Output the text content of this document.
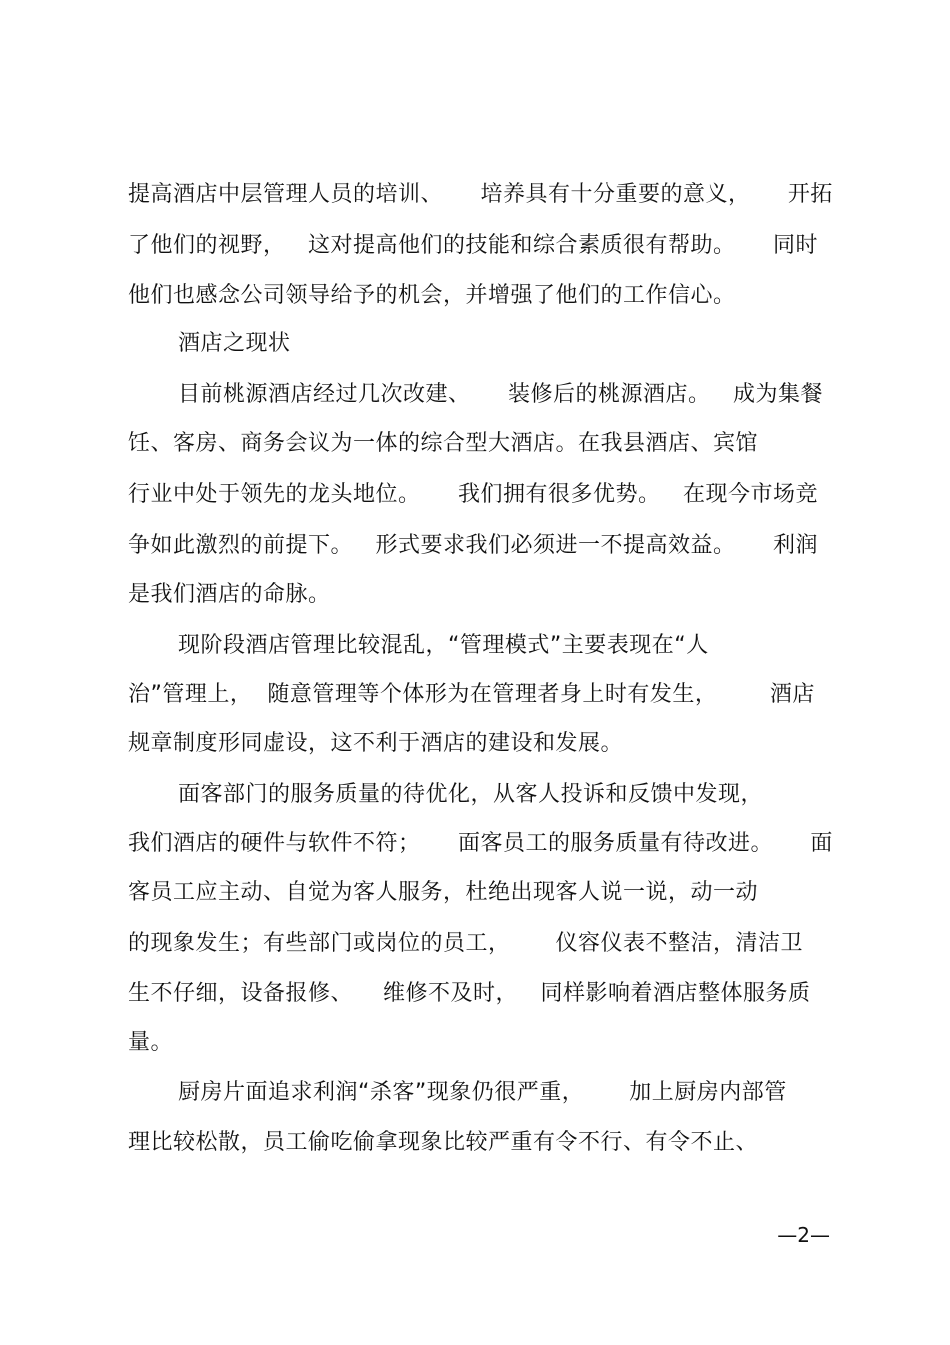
提高酒店中层管理人员的培训、     培养具有十分重要的意义，     开拓
了他们的视野，   这对提高他们的技能和综合素质很有帮助。     同时
他们也感念公司领导给予的机会，并增强了他们的工作信心。
酒店之现状
目前桃源酒店经过几次改建、     装修后的桃源酒店。   成为集餐
饪、客房、商务会议为一体的综合型大酒店。在我县酒店、宾馆
行业中处于领先的龙头地位。     我们拥有很多优势。   在现今市场竞
争如此激烈的前提下。   形式要求我们必须进一不提高效益。     利润
是我们酒店的命脉。
现阶段酒店管理比较混乱，“管理模式”主要表现在“人
治”管理上，  随意管理等个体形为在管理者身上时有发生，       酒店
规章制度形同虚设，这不利于酒店的建设和发展。
面客部门的服务质量的待优化，从客人投诉和反馈中发现，
我们酒店的硬件与软件不符；     面客员工的服务质量有待改进。     面
客员工应主动、自觉为客人服务，杜绝出现客人说一说，动一动
的现象发生；有些部门或岗位的员工，      仪容仪表不整洁，清洁卫
生不仔细，设备报修、    维修不及时，   同样影响着酒店整体服务质
量。
厨房片面追求利润“杀客”现象仍很严重，      加上厨房内部管
理比较松散，员工偷吃偷拿现象比较严重有令不行、有令不止、
—2—
